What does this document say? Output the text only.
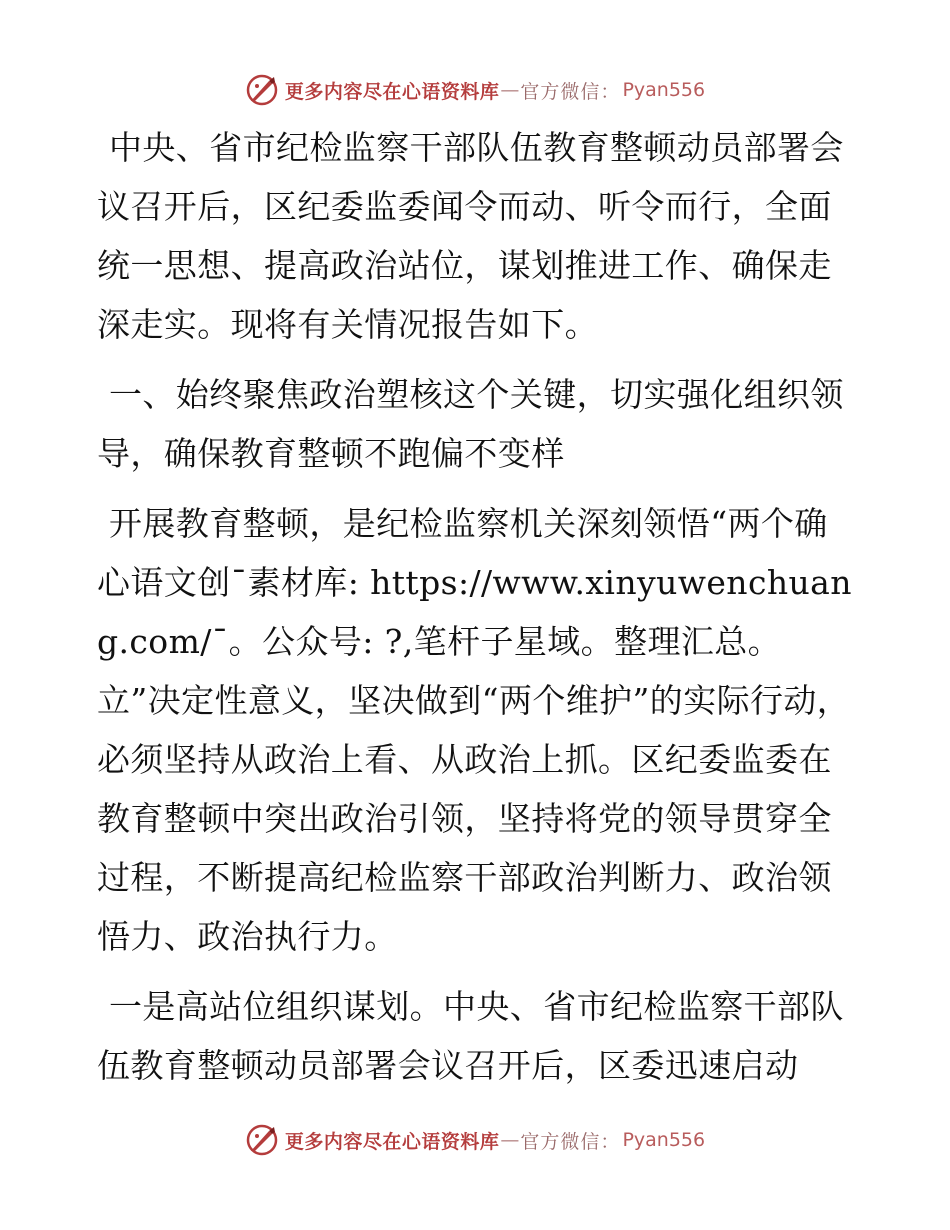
更多内容尽在心语资料库 — 官方微信： Pyan556

中央、省市纪检监察干部队伍教育整顿动员部署会议召开后，区纪委监委闻令而动、听令而行，全面统一思想、提高政治站位，谋划推进工作、确保走深走实。现将有关情况报告如下。

一、始终聚焦政治塑核这个关键，切实强化组织领导，确保教育整顿不跑偏不变样

开展教育整顿，是纪检监察机关深刻领悟“两个确心语文创¯素材库: https://www.xinyuwenchuang.com/¯。公众号: ?,笔杆子星域。整理汇总。立”决定性意义，坚决做到“两个维护”的实际行动，必须坚持从政治上看、从政治上抓。区纪委监委在教育整顿中突出政治引领，坚持将党的领导贯穿全过程，不断提高纪检监察干部政治判断力、政治领悟力、政治执行力。

一是高站位组织谋划。中央、省市纪检监察干部队伍教育整顿动员部署会议召开后，区委迅速启动

更多内容尽在心语资料库 — 官方微信： Pyan556
